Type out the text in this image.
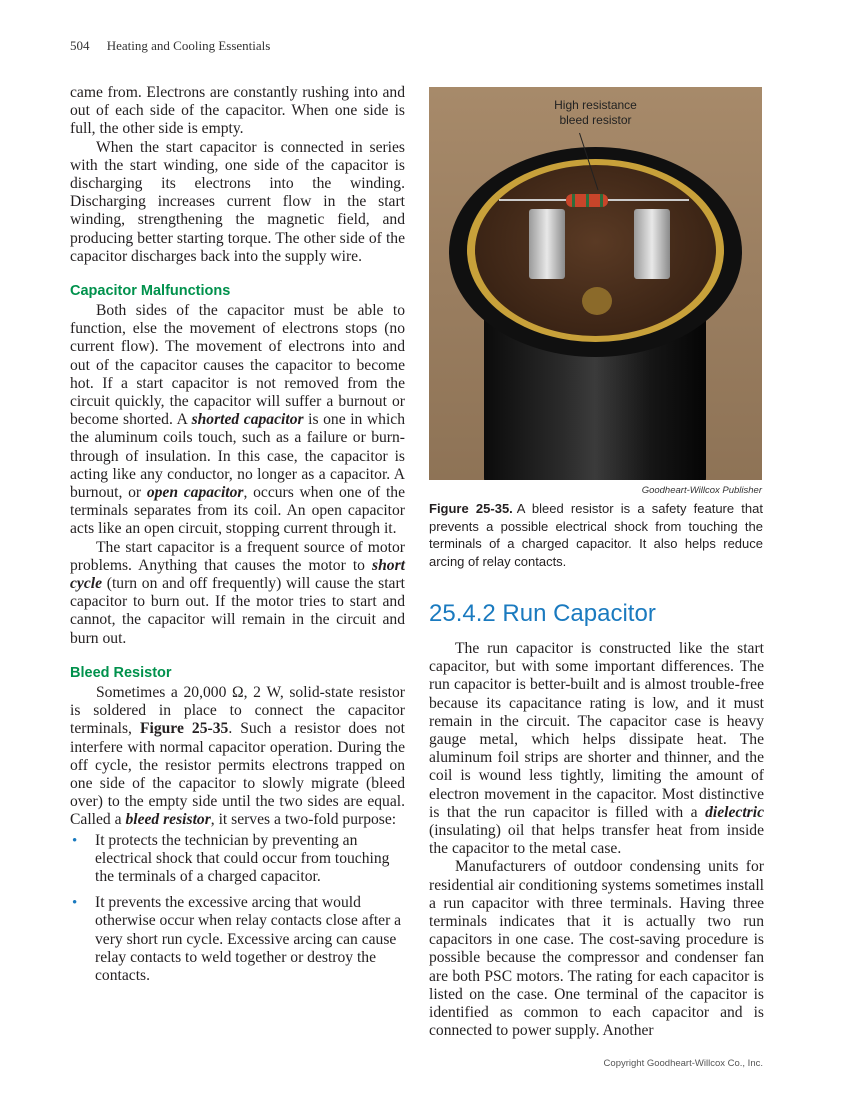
504 Heating and Cooling Essentials

came from. Electrons are constantly rushing into and out of each side of the capacitor. When one side is full, the other side is empty.

When the start capacitor is connected in series with the start winding, one side of the capacitor is discharging its electrons into the winding. Discharging increases current flow in the start winding, strengthening the magnetic field, and producing better starting torque. The other side of the capacitor discharges back into the supply wire.

Capacitor Malfunctions

Both sides of the capacitor must be able to function, else the movement of electrons stops (no current flow). The movement of electrons into and out of the capacitor causes the capacitor to become hot. If a start capacitor is not removed from the circuit quickly, the capacitor will suffer a burnout or become shorted. A shorted capacitor is one in which the aluminum coils touch, such as a failure or burn-through of insulation. In this case, the capacitor is acting like any conductor, no longer as a capacitor. A burnout, or open capacitor, occurs when one of the terminals separates from its coil. An open capacitor acts like an open circuit, stopping current through it.

The start capacitor is a frequent source of motor problems. Anything that causes the motor to short cycle (turn on and off frequently) will cause the start capacitor to burn out. If the motor tries to start and cannot, the capacitor will remain in the circuit and burn out.

Bleed Resistor

Sometimes a 20,000 Ω, 2 W, solid-state resistor is soldered in place to connect the capacitor terminals, Figure 25-35. Such a resistor does not interfere with normal capacitor operation. During the off cycle, the resistor permits electrons trapped on one side of the capacitor to slowly migrate (bleed over) to the empty side until the two sides are equal. Called a bleed resistor, it serves a two-fold purpose:

• It protects the technician by preventing an electrical shock that could occur from touching the terminals of a charged capacitor.
• It prevents the excessive arcing that would otherwise occur when relay contacts close after a very short run cycle. Excessive arcing can cause relay contacts to weld together or destroy the contacts.
High resistance
bleed resistor
Goodheart-Willcox Publisher
Figure 25-35. A bleed resistor is a safety feature that prevents a possible electrical shock from touching the terminals of a charged capacitor. It also helps reduce arcing of relay contacts.
25.4.2 Run Capacitor

The run capacitor is constructed like the start capacitor, but with some important differences. The run capacitor is better-built and is almost trouble-free because its capacitance rating is low, and it must remain in the circuit. The capacitor case is heavy gauge metal, which helps dissipate heat. The aluminum foil strips are shorter and thinner, and the coil is wound less tightly, limiting the amount of electron movement in the capacitor. Most distinctive is that the run capacitor is filled with a dielectric (insulating) oil that helps transfer heat from inside the capacitor to the metal case.

Manufacturers of outdoor condensing units for residential air conditioning systems sometimes install a run capacitor with three terminals. Having three terminals indicates that it is actually two run capacitors in one case. The cost-saving procedure is possible because the compressor and condenser fan are both PSC motors. The rating for each capacitor is listed on the case. One terminal of the capacitor is identified as common to each capacitor and is connected to power supply. Another

Copyright Goodheart-Willcox Co., Inc.
